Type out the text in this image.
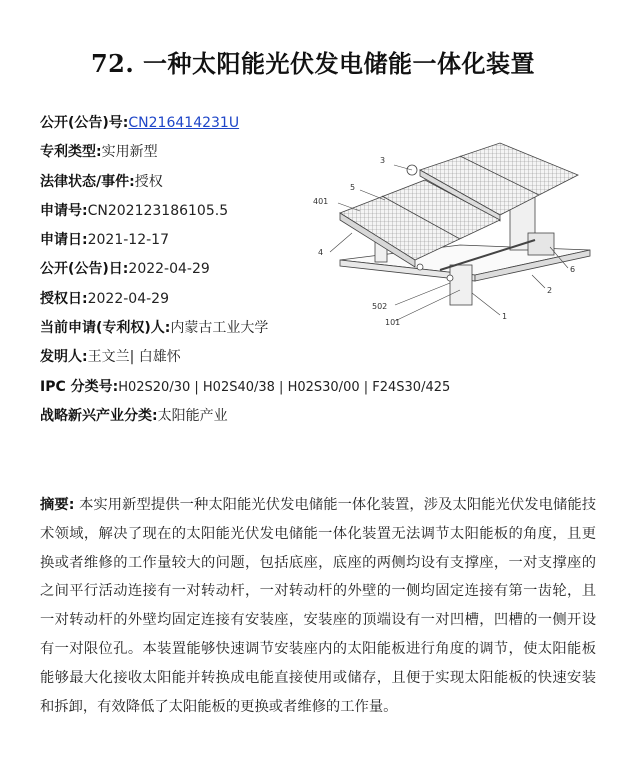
72. 一种太阳能光伏发电储能一体化装置
公开(公告)号:CN216414231U
专利类型:实用新型
法律状态/事件:授权
申请号:CN202123186105.5
申请日:2021-12-17
公开(公告)日:2022-04-29
授权日:2022-04-29
当前申请(专利权)人:内蒙古工业大学
发明人:王文兰| 白雄怀
IPC 分类号:H02S20/30 | H02S40/38 | H02S30/00 | F24S30/425
战略新兴产业分类:太阳能产业
3
5
401
4
6
2
502
101
1
摘要: 本实用新型提供一种太阳能光伏发电储能一体化装置，涉及太阳能光伏发电储能技术领域，解决了现在的太阳能光伏发电储能一体化装置无法调节太阳能板的角度，且更换或者维修的工作量较大的问题，包括底座，底座的两侧均设有支撑座，一对支撑座的之间平行活动连接有一对转动杆，一对转动杆的外壁的一侧均固定连接有第一齿轮，且一对转动杆的外壁均固定连接有安装座，安装座的顶端设有一对凹槽，凹槽的一侧开设有一对限位孔。本装置能够快速调节安装座内的太阳能板进行角度的调节，使太阳能板能够最大化接收太阳能并转换成电能直接使用或储存，且便于实现太阳能板的快速安装和拆卸，有效降低了太阳能板的更换或者维修的工作量。
